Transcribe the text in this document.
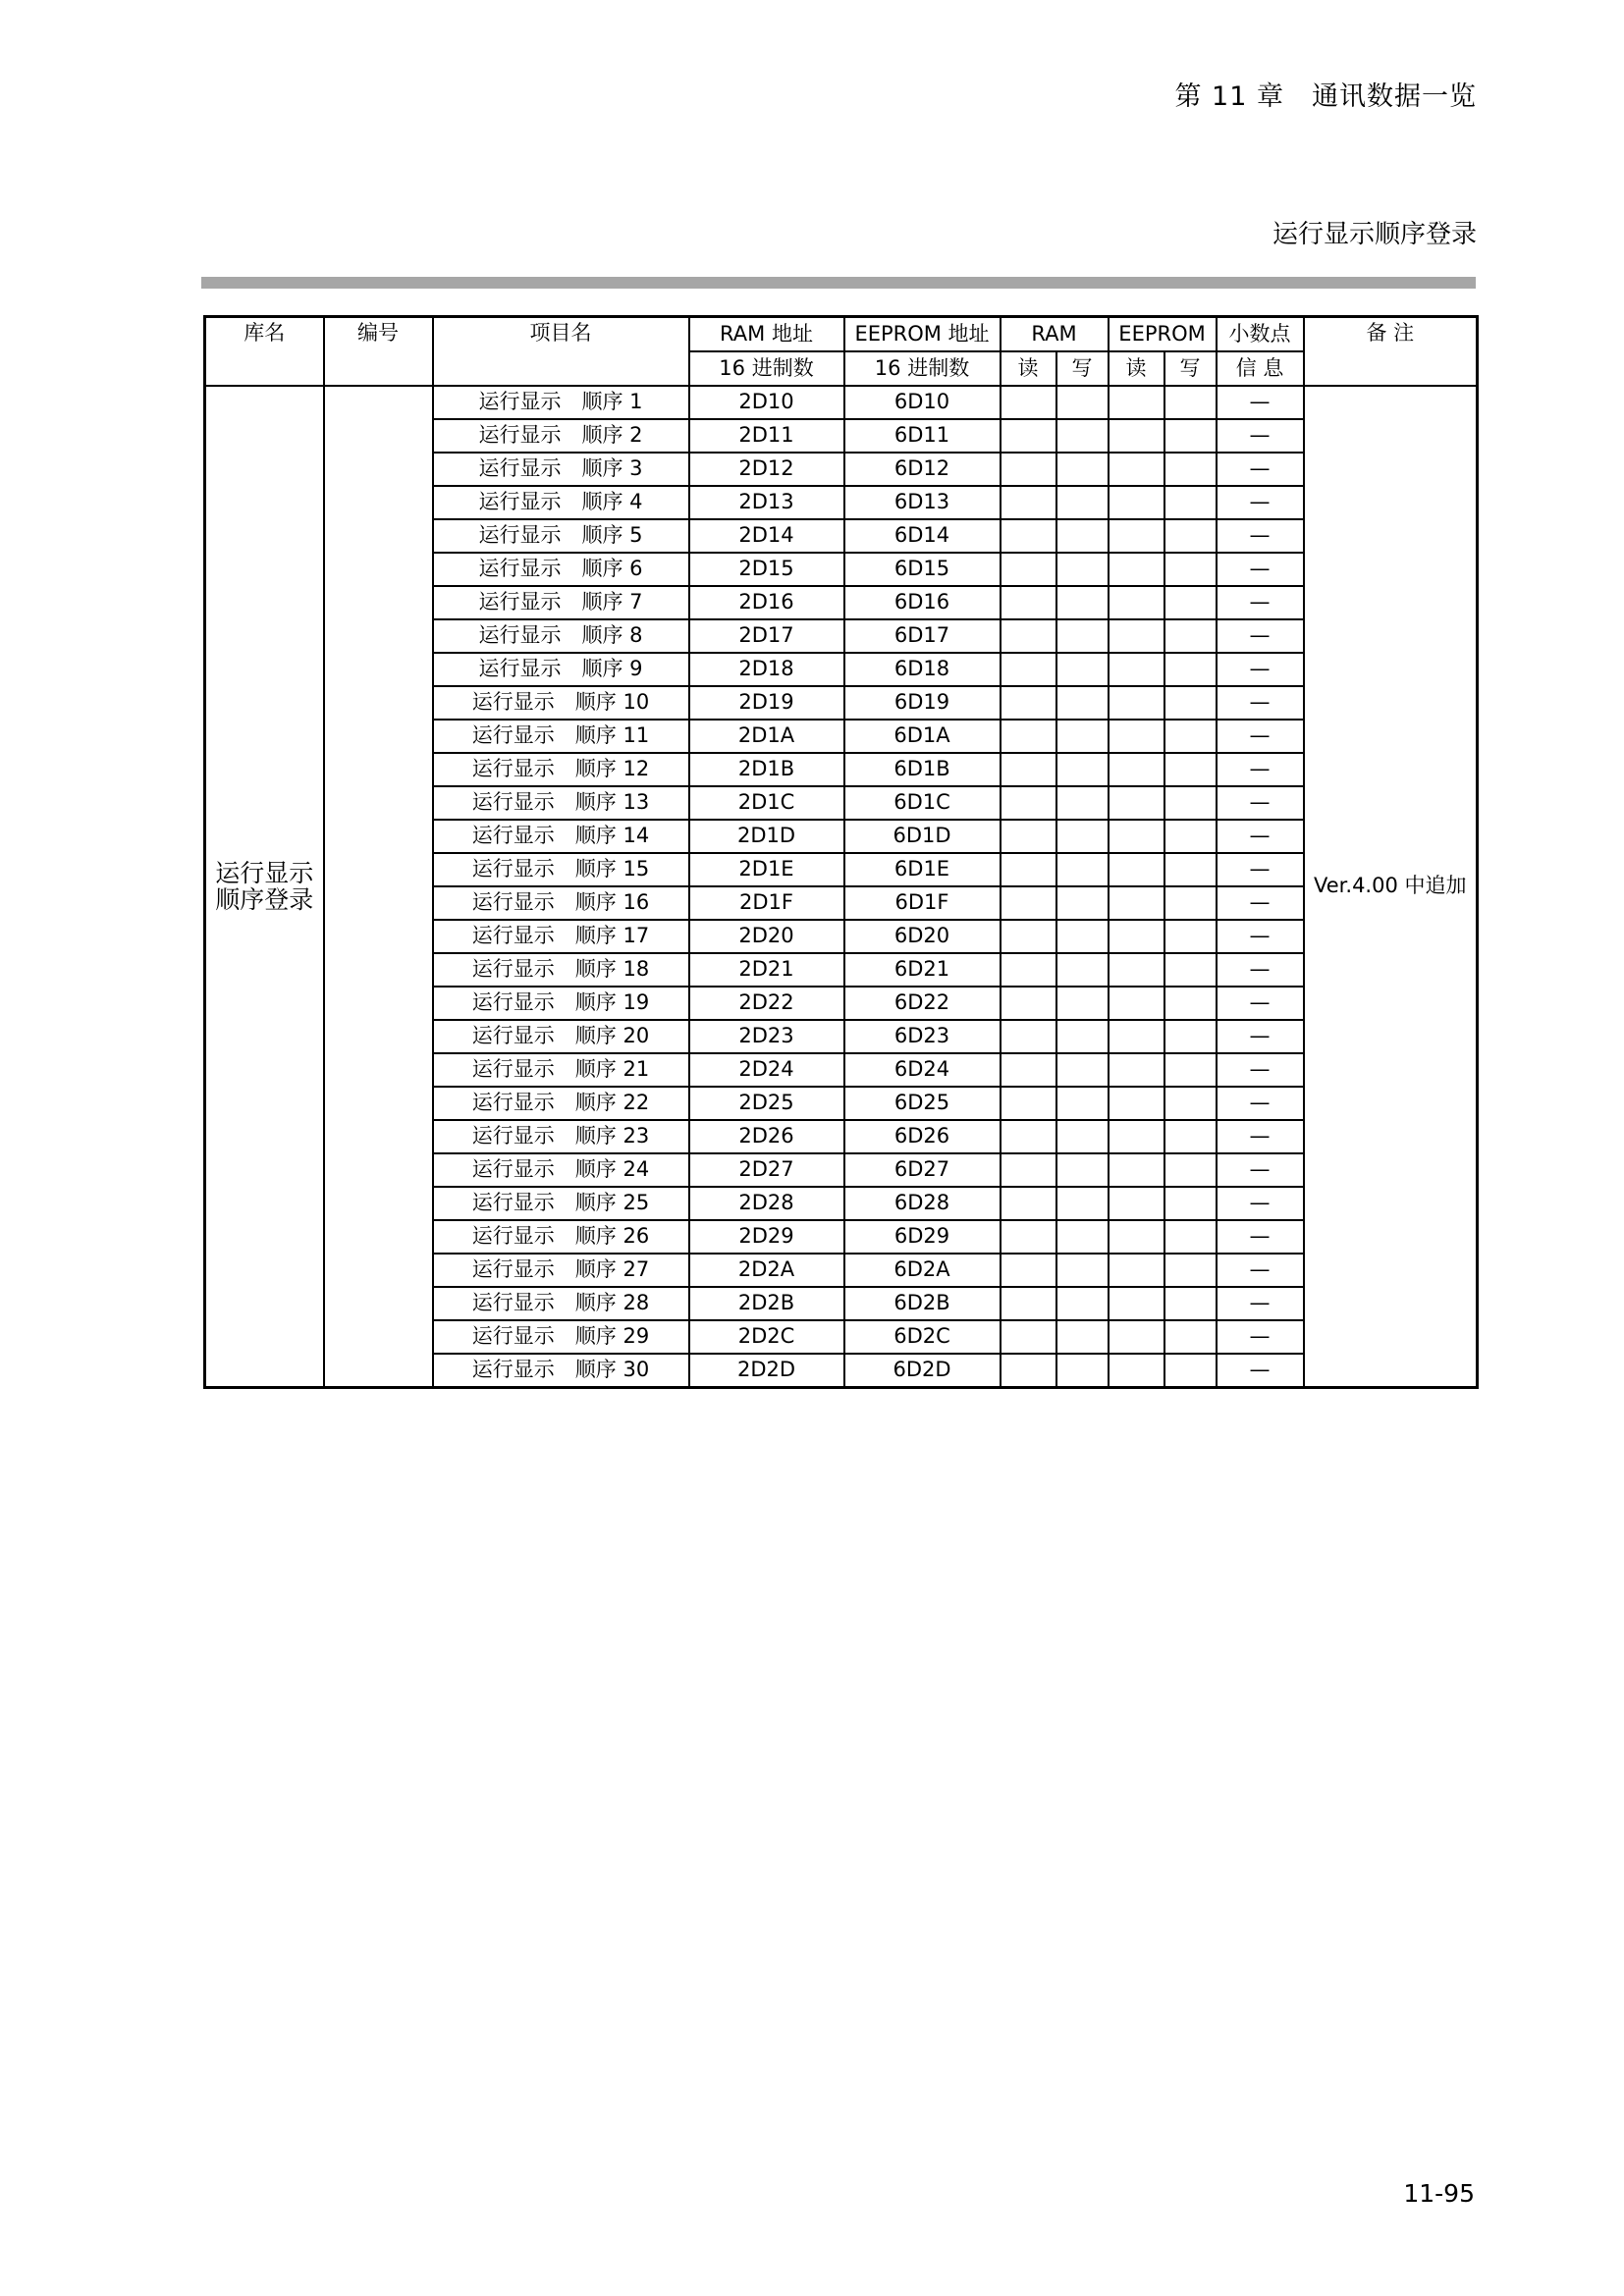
第 11 章　通讯数据一览
运行显示顺序登录
库名	编号	项目名	RAM 地址	EEPROM 地址	RAM		EEPROM		小数点	备 注
			16 进制数	16 进制数	读	写	读	写	信 息	

运行显示
顺序登录		运行显示　顺序 1	2D10	6D10					—	Ver.4.00 中追加
		运行显示　顺序 2	2D11	6D11					—	
		运行显示　顺序 3	2D12	6D12					—	
		运行显示　顺序 4	2D13	6D13					—	
		运行显示　顺序 5	2D14	6D14					—	
		运行显示　顺序 6	2D15	6D15					—	
		运行显示　顺序 7	2D16	6D16					—	
		运行显示　顺序 8	2D17	6D17					—	
		运行显示　顺序 9	2D18	6D18					—	
		运行显示　顺序 10	2D19	6D19					—	
		运行显示　顺序 11	2D1A	6D1A					—	
		运行显示　顺序 12	2D1B	6D1B					—	
		运行显示　顺序 13	2D1C	6D1C					—	
		运行显示　顺序 14	2D1D	6D1D					—	
		运行显示　顺序 15	2D1E	6D1E					—	
		运行显示　顺序 16	2D1F	6D1F					—	
		运行显示　顺序 17	2D20	6D20					—	
		运行显示　顺序 18	2D21	6D21					—	
		运行显示　顺序 19	2D22	6D22					—	
		运行显示　顺序 20	2D23	6D23					—	
		运行显示　顺序 21	2D24	6D24					—	
		运行显示　顺序 22	2D25	6D25					—	
		运行显示　顺序 23	2D26	6D26					—	
		运行显示　顺序 24	2D27	6D27					—	
		运行显示　顺序 25	2D28	6D28					—	
		运行显示　顺序 26	2D29	6D29					—	
		运行显示　顺序 27	2D2A	6D2A					—	
		运行显示　顺序 28	2D2B	6D2B					—	
		运行显示　顺序 29	2D2C	6D2C					—	
		运行显示　顺序 30	2D2D	6D2D					—	
11-95
